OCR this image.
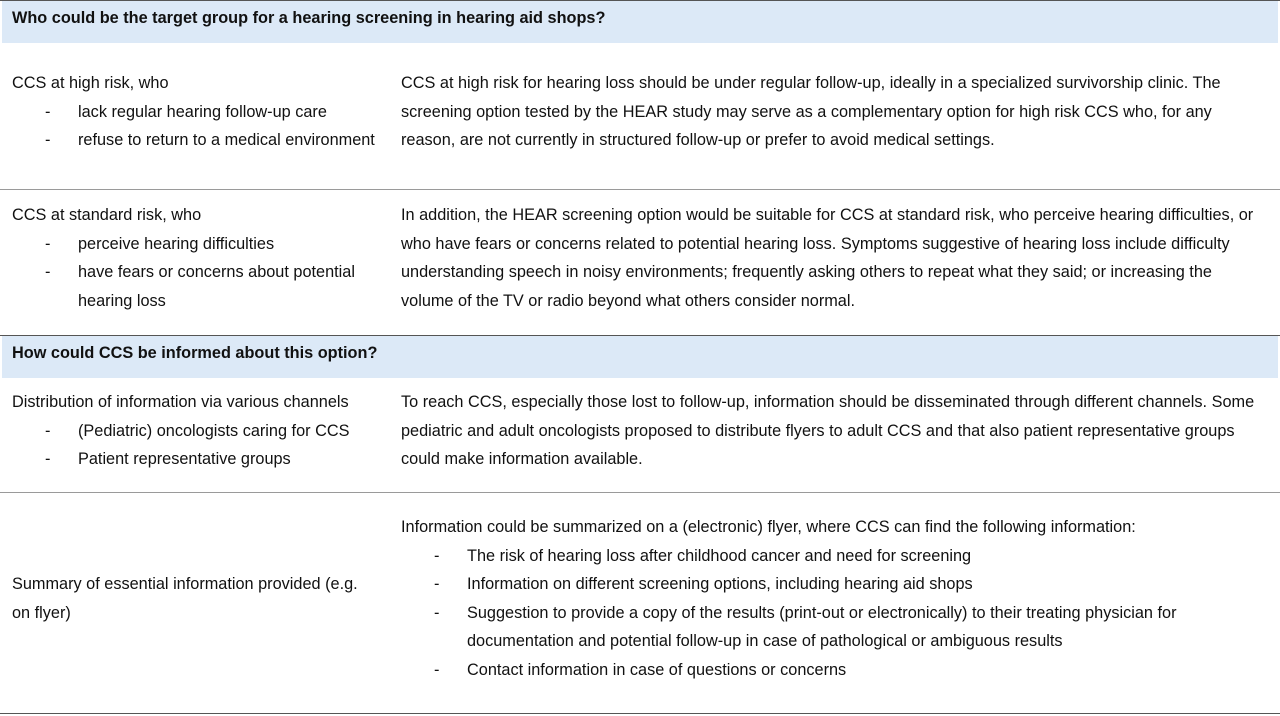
Who could be the target group for a hearing screening in hearing aid shops?
CCS at high risk, who
- lack regular hearing follow-up care
- refuse to return to a medical environment
CCS at high risk for hearing loss should be under regular follow-up, ideally in a specialized survivorship clinic. The
screening option tested by the HEAR study may serve as a complementary option for high risk CCS who, for any
reason, are not currently in structured follow-up or prefer to avoid medical settings.
CCS at standard risk, who
- perceive hearing difficulties
- have fears or concerns about potential
hearing loss
In addition, the HEAR screening option would be suitable for CCS at standard risk, who perceive hearing difficulties, or
who have fears or concerns related to potential hearing loss. Symptoms suggestive of hearing loss include difficulty
understanding speech in noisy environments; frequently asking others to repeat what they said; or increasing the
volume of the TV or radio beyond what others consider normal.
How could CCS be informed about this option?
Distribution of information via various channels
- (Pediatric) oncologists caring for CCS
- Patient representative groups
To reach CCS, especially those lost to follow-up, information should be disseminated through different channels. Some
pediatric and adult oncologists proposed to distribute flyers to adult CCS and that also patient representative groups
could make information available.
Summary of essential information provided (e.g.
on flyer)
Information could be summarized on a (electronic) flyer, where CCS can find the following information:
- The risk of hearing loss after childhood cancer and need for screening
- Information on different screening options, including hearing aid shops
- Suggestion to provide a copy of the results (print-out or electronically) to their treating physician for
documentation and potential follow-up in case of pathological or ambiguous results
- Contact information in case of questions or concerns
